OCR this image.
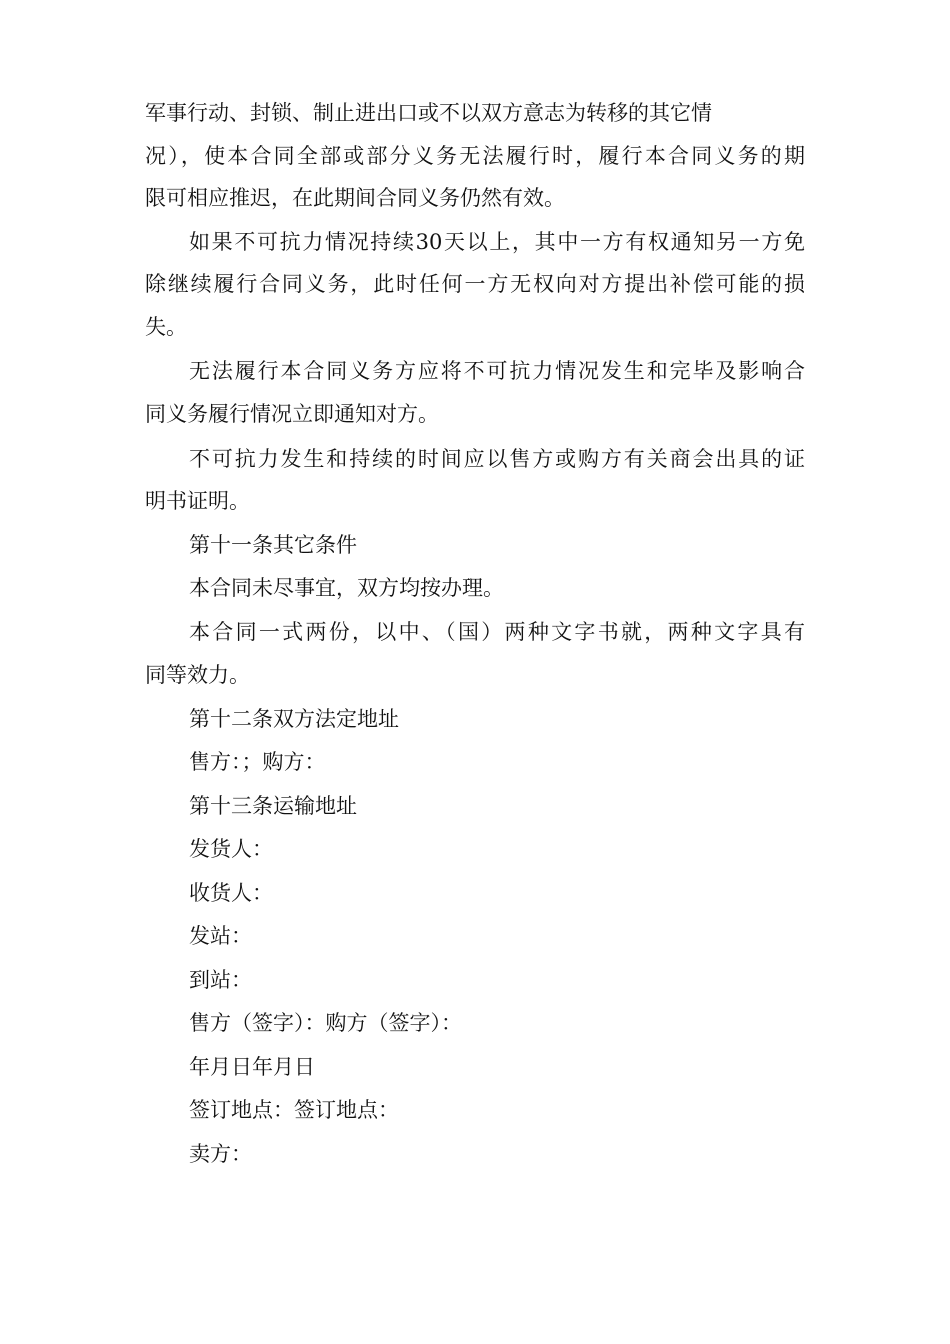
军事行动、封锁、制止进出口或不以双方意志为转移的其它情
况），使本合同全部或部分义务无法履行时，履行本合同义务的期
限可相应推迟，在此期间合同义务仍然有效。
如果不可抗力情况持续30天以上，其中一方有权通知另一方免
除继续履行合同义务，此时任何一方无权向对方提出补偿可能的损
失。
无法履行本合同义务方应将不可抗力情况发生和完毕及影响合
同义务履行情况立即通知对方。
不可抗力发生和持续的时间应以售方或购方有关商会出具的证
明书证明。
第十一条其它条件
本合同未尽事宜，双方均按办理。
本合同一式两份，以中、（国）两种文字书就，两种文字具有
同等效力。
第十二条双方法定地址
售方：；购方：
第十三条运输地址
发货人：
收货人：
发站：
到站：
售方（签字）：购方（签字）：
年月日年月日
签订地点：签订地点：
卖方：
